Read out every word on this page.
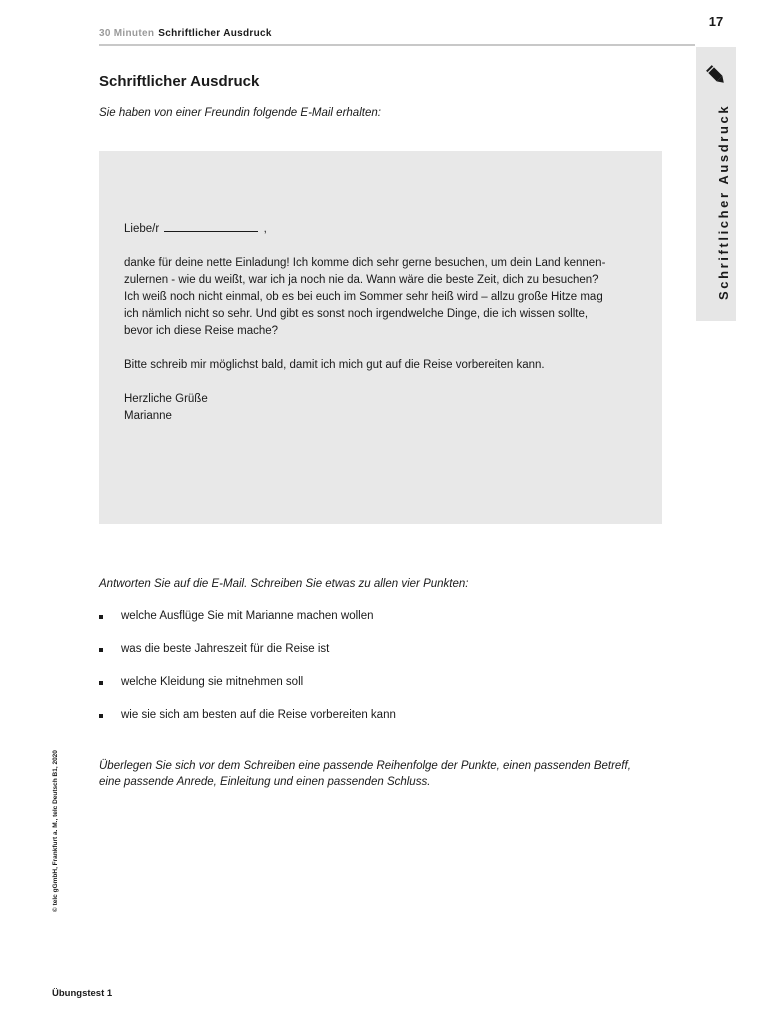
30 Minuten Schriftlicher Ausdruck
17
Schriftlicher Ausdruck
Schriftlicher Ausdruck
Sie haben von einer Freundin folgende E-Mail erhalten:

Liebe/r	,

danke für deine nette Einladung! Ich komme dich sehr gerne besuchen, um dein Land kennen-

zulernen - wie du weißt, war ich ja noch nie da. Wann wäre die beste Zeit, dich zu besuchen?

Ich weiß noch nicht einmal, ob es bei euch im Sommer sehr heiß wird – allzu große Hitze mag

ich nämlich nicht so sehr. Und gibt es sonst noch irgendwelche Dinge, die ich wissen sollte,

bevor ich diese Reise mache?

Bitte schreib mir möglichst bald, damit ich mich gut auf die Reise vorbereiten kann.

Herzliche Grüße

Marianne

Antworten Sie auf die E-Mail. Schreiben Sie etwas zu allen vier Punkten:
welche Ausflüge Sie mit Marianne machen wollen
was die beste Jahreszeit für die Reise ist
welche Kleidung sie mitnehmen soll
wie sie sich am besten auf die Reise vorbereiten kann
Überlegen Sie sich vor dem Schreiben eine passende Reihenfolge der Punkte, einen passenden Betreff,
eine passende Anrede, Einleitung und einen passenden Schluss.
© telc gGmbH, Frankfurt a. M., telc Deutsch B1, 2020
Übungstest 1
